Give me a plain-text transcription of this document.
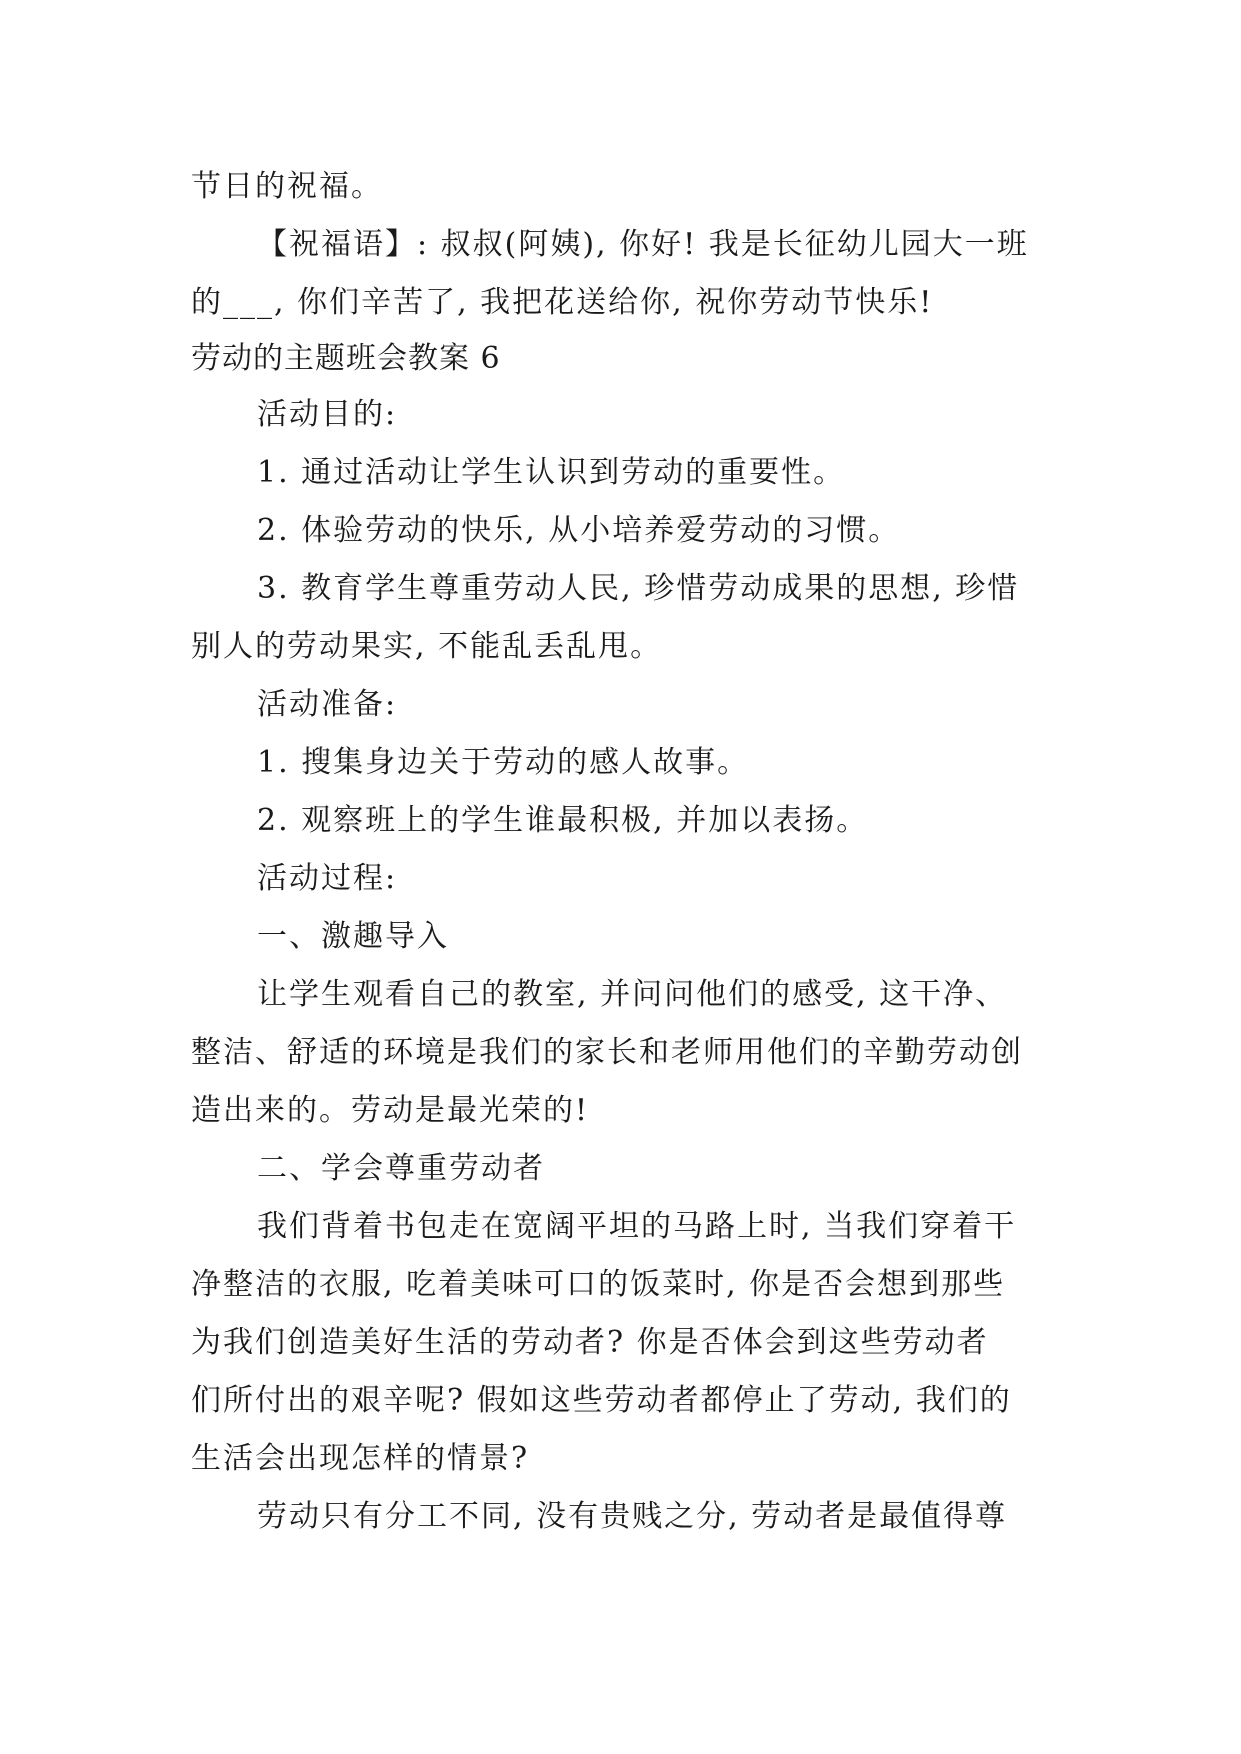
节日的祝福。
【祝福语】: 叔叔(阿姨), 你好! 我是长征幼儿园大一班
的___, 你们辛苦了, 我把花送给你, 祝你劳动节快乐!
劳动的主题班会教案 6
活动目的:
1. 通过活动让学生认识到劳动的重要性。
2. 体验劳动的快乐, 从小培养爱劳动的习惯。
3. 教育学生尊重劳动人民, 珍惜劳动成果的思想, 珍惜
别人的劳动果实, 不能乱丢乱甩。
活动准备:
1. 搜集身边关于劳动的感人故事。
2. 观察班上的学生谁最积极, 并加以表扬。
活动过程:
一、激趣导入
让学生观看自己的教室, 并问问他们的感受, 这干净、
整洁、舒适的环境是我们的家长和老师用他们的辛勤劳动创
造出来的。劳动是最光荣的!
二、学会尊重劳动者
我们背着书包走在宽阔平坦的马路上时, 当我们穿着干
净整洁的衣服, 吃着美味可口的饭菜时, 你是否会想到那些
为我们创造美好生活的劳动者? 你是否体会到这些劳动者
们所付出的艰辛呢? 假如这些劳动者都停止了劳动, 我们的
生活会出现怎样的情景?
劳动只有分工不同, 没有贵贱之分, 劳动者是最值得尊
